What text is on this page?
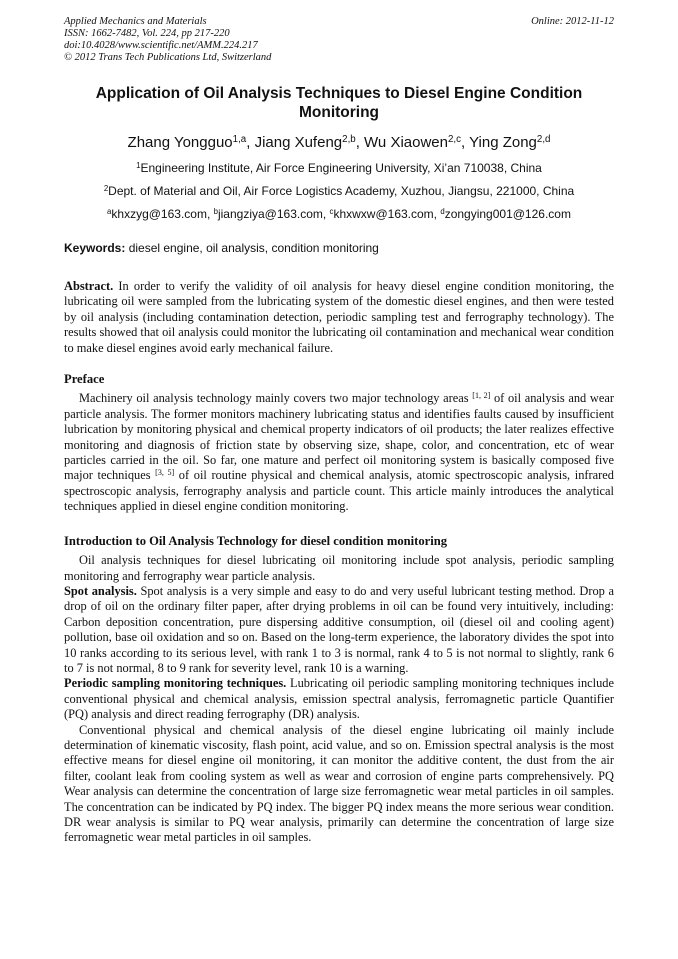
Applied Mechanics and Materials
ISSN: 1662-7482, Vol. 224, pp 217-220
doi:10.4028/www.scientific.net/AMM.224.217
© 2012 Trans Tech Publications Ltd, Switzerland
Online: 2012-11-12
Application of Oil Analysis Techniques to Diesel Engine Condition Monitoring
Zhang Yongguo$^{1,a}$, Jiang Xufeng$^{2,b}$, Wu Xiaowen$^{2,c}$, Ying Zong$^{2,d}$
$^1$Engineering Institute, Air Force Engineering University, Xi’an 710038, China
$^2$Dept. of Material and Oil, Air Force Logistics Academy, Xuzhou, Jiangsu, 221000, China
$^a$khxzyg@163.com, $^b$jiangziya@163.com, $^c$khxwxw@163.com, $^d$zongying001@126.com
Keywords: diesel engine, oil analysis, condition monitoring

Abstract. In order to verify the validity of oil analysis for heavy diesel engine condition monitoring, the lubricating oil were sampled from the lubricating system of the domestic diesel engines, and then were tested by oil analysis (including contamination detection, periodic sampling test and ferrography technology). The results showed that oil analysis could monitor the lubricating oil contamination and mechanical wear condition to make diesel engines avoid early mechanical failure.

Preface

Machinery oil analysis technology mainly covers two major technology areas [1, 2] of oil analysis and wear particle analysis. The former monitors machinery lubricating status and identifies faults caused by insufficient lubrication by monitoring physical and chemical property indicators of oil products; the later realizes effective monitoring and diagnosis of friction state by observing size, shape, color, and concentration, etc of wear particles carried in the oil. So far, one mature and perfect oil monitoring system is basically composed five major techniques [3, 5] of oil routine physical and chemical analysis, atomic spectroscopic analysis, infrared spectroscopic analysis, ferrography analysis and particle count. This article mainly introduces the analytical techniques applied in diesel engine condition monitoring.

Introduction to Oil Analysis Technology for diesel condition monitoring

Oil analysis techniques for diesel lubricating oil monitoring include spot analysis, periodic sampling monitoring and ferrography wear particle analysis.

Spot analysis. Spot analysis is a very simple and easy to do and very useful lubricant testing method. Drop a drop of oil on the ordinary filter paper, after drying problems in oil can be found very intuitively, including: Carbon deposition concentration, pure dispersing additive consumption, oil (diesel oil and cooling agent) pollution, base oil oxidation and so on. Based on the long-term experience, the laboratory divides the spot into 10 ranks according to its serious level, with rank 1 to 3 is normal, rank 4 to 5 is not normal to slightly, rank 6 to 7 is not normal, 8 to 9 rank for severity level, rank 10 is a warning.

Periodic sampling monitoring techniques. Lubricating oil periodic sampling monitoring techniques include conventional physical and chemical analysis, emission spectral analysis, ferromagnetic particle Quantifier (PQ) analysis and direct reading ferrography (DR) analysis.

Conventional physical and chemical analysis of the diesel engine lubricating oil mainly include determination of kinematic viscosity, flash point, acid value, and so on. Emission spectral analysis is the most effective means for diesel engine oil monitoring, it can monitor the additive content, the dust from the air filter, coolant leak from cooling system as well as wear and corrosion of engine parts comprehensively. PQ Wear analysis can determine the concentration of large size ferromagnetic wear metal particles in oil samples. The concentration can be indicated by PQ index. The bigger PQ index means the more serious wear condition. DR wear analysis is similar to PQ wear analysis, primarily can determine the concentration of large size ferromagnetic wear metal particles in oil samples.
